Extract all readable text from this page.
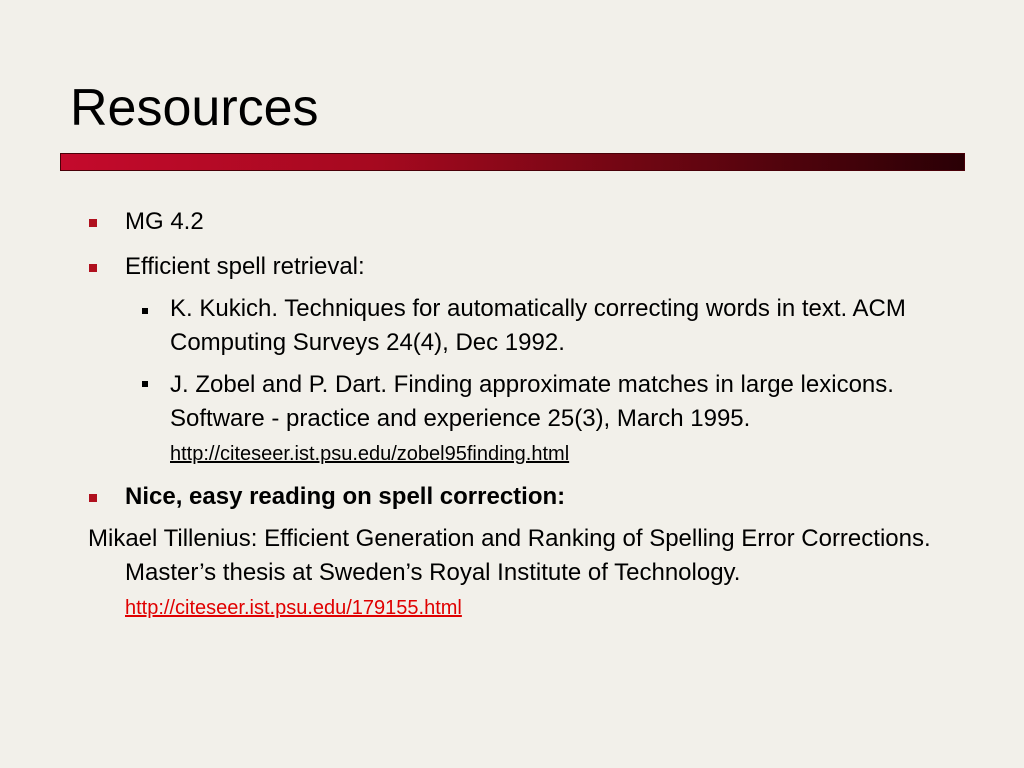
Resources
MG 4.2
Efficient spell retrieval:
K. Kukich. Techniques for automatically correcting words in text. ACM Computing Surveys 24(4), Dec 1992.
J. Zobel and P. Dart. Finding approximate matches in large lexicons. Software - practice and experience 25(3), March 1995. http://citeseer.ist.psu.edu/zobel95finding.html
Nice, easy reading on spell correction:
Mikael Tillenius: Efficient Generation and Ranking of Spelling Error Corrections. Master’s thesis at Sweden’s Royal Institute of Technology. http://citeseer.ist.psu.edu/179155.html
